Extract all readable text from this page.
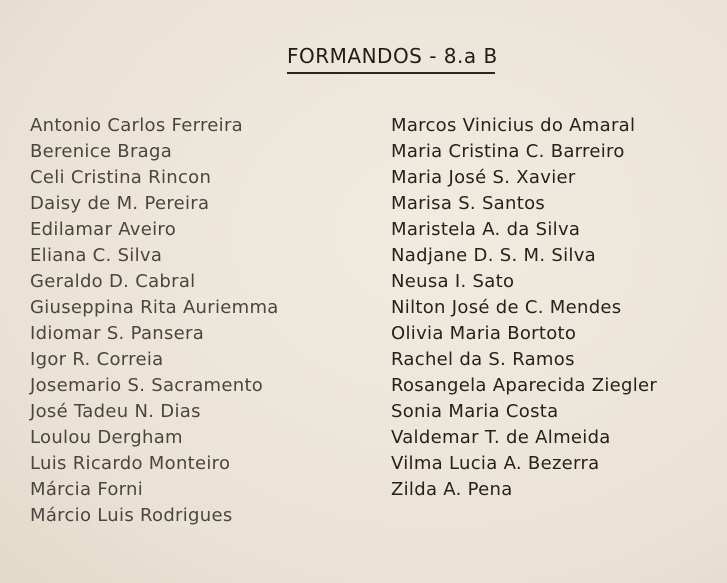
FORMANDOS - 8.a B
Antonio Carlos Ferreira
Berenice Braga
Celi Cristina Rincon
Daisy de M. Pereira
Edilamar Aveiro
Eliana C. Silva
Geraldo D. Cabral
Giuseppina Rita Auriemma
Idiomar S. Pansera
Igor R. Correia
Josemario S. Sacramento
José Tadeu N. Dias
Loulou Dergham
Luis Ricardo Monteiro
Márcia Forni
Márcio Luis Rodrigues
Marcos Vinicius do Amaral
Maria Cristina C. Barreiro
Maria José S. Xavier
Marisa S. Santos
Maristela A. da Silva
Nadjane D. S. M. Silva
Neusa I. Sato
Nilton José de C. Mendes
Olivia Maria Bortoto
Rachel da S. Ramos
Rosangela Aparecida Ziegler
Sonia Maria Costa
Valdemar T. de Almeida
Vilma Lucia A. Bezerra
Zilda A. Pena
